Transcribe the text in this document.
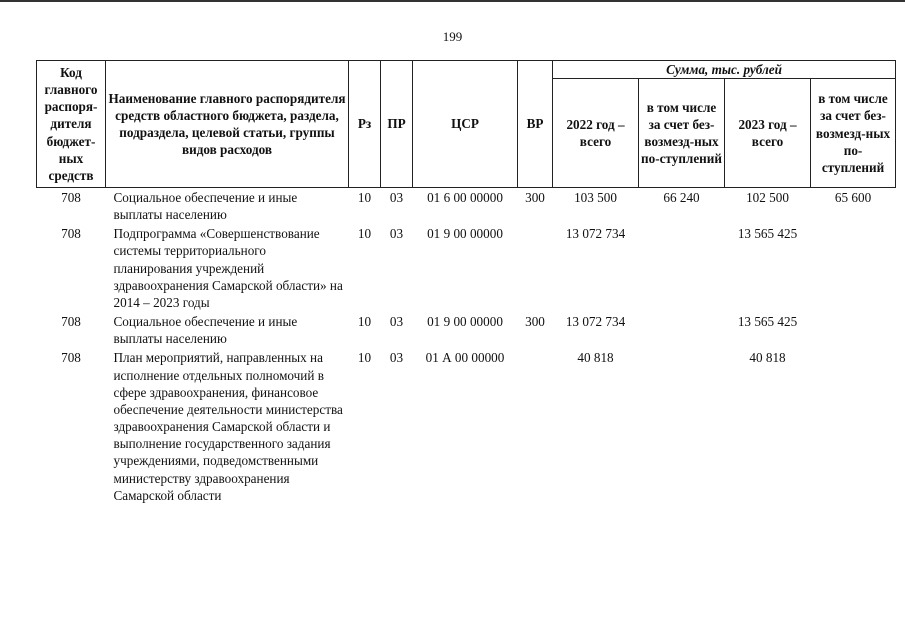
199
Код главного распоря-дителя бюджет-ных средств	Наименование главного распорядителя средств областного бюджета, раздела, подраздела, целевой статьи, группы видов расходов	Рз	ПР	ЦСР	ВР	Сумма, тыс. рублей			
						2022 год – всего	в том числе за счет без-возмезд-ных по-ступлений	2023 год – всего	в том числе за счет без-возмезд-ных по-ступлений
708	Социальное обеспечение и иные выплаты населению	10	03	01 6 00 00000	300	103 500	66 240	102 500	65 600
708	Подпрограмма «Совершенствование системы территориального планирования учреждений здравоохранения Самарской области» на 2014 – 2023 годы	10	03	01 9 00 00000		13 072 734		13 565 425	
708	Социальное обеспечение и иные выплаты населению	10	03	01 9 00 00000	300	13 072 734		13 565 425	
708	План мероприятий, направленных на исполнение отдельных полномочий в сфере здравоохранения, финансовое обеспечение деятельности министерства здравоохранения Самарской области и выполнение государственного задания учреждениями, подведомственными министерству здравоохранения Самарской области	10	03	01 А 00 00000		40 818		40 818	
